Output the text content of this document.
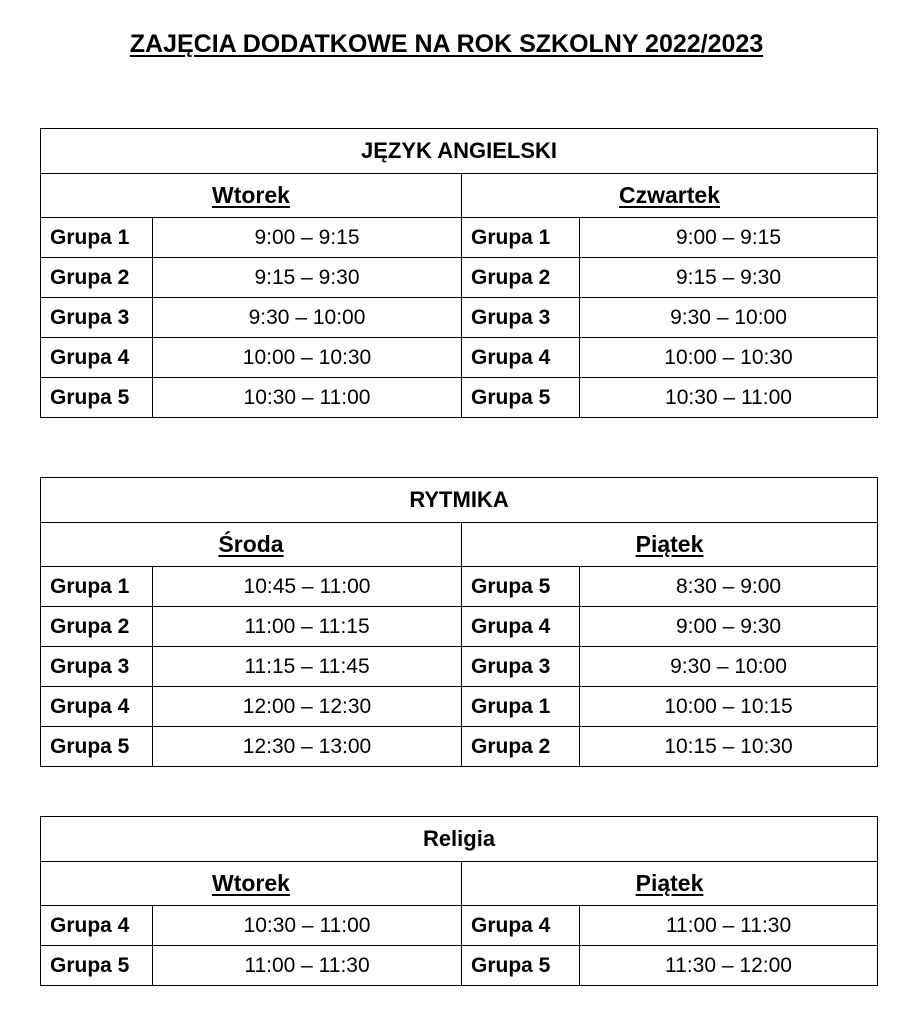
ZAJĘCIA DODATKOWE NA ROK SZKOLNY 2022/2023
JĘZYK ANGIELSKI			
Wtorek		Czwartek	
Grupa 1	9:00 – 9:15	Grupa 1	9:00 – 9:15
Grupa 2	9:15 – 9:30	Grupa 2	9:15 – 9:30
Grupa 3	9:30 – 10:00	Grupa 3	9:30 – 10:00
Grupa 4	10:00 – 10:30	Grupa 4	10:00 – 10:30
Grupa 5	10:30 – 11:00	Grupa 5	10:30 – 11:00
RYTMIKA			
Środa		Piątek	
Grupa 1	10:45 – 11:00	Grupa 5	8:30 – 9:00
Grupa 2	11:00 – 11:15	Grupa 4	9:00 – 9:30
Grupa 3	11:15 – 11:45	Grupa 3	9:30 – 10:00
Grupa 4	12:00 – 12:30	Grupa 1	10:00 – 10:15
Grupa 5	12:30 – 13:00	Grupa 2	10:15 – 10:30
Religia			
Wtorek		Piątek	
Grupa 4	10:30 – 11:00	Grupa 4	11:00 – 11:30
Grupa 5	11:00 – 11:30	Grupa 5	11:30 – 12:00
